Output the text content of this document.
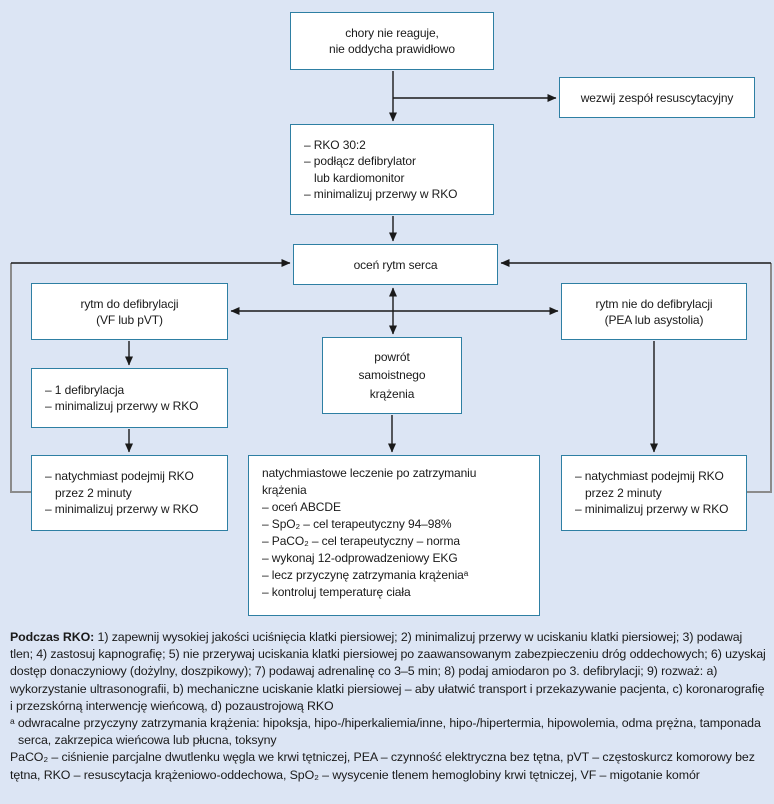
chory nie reaguje,
nie oddycha prawidłowo
wezwij zespół resuscytacyjny
– RKO 30:2
– podłącz defibrylator
lub kardiomonitor
– minimalizuj przerwy w RKO
oceń rytm serca
rytm do defibrylacji
(VF lub pVT)
rytm nie do defibrylacji
(PEA lub asystolia)
powrót
samoistnego
krążenia
– 1 defibrylacja
– minimalizuj przerwy w RKO
– natychmiast podejmij RKO
przez 2 minuty
– minimalizuj przerwy w RKO
natychmiastowe leczenie po zatrzymaniu
krążenia
– oceń ABCDE
– SpO₂ – cel terapeutyczny 94–98%
– PaCO₂ – cel terapeutyczny – norma
– wykonaj 12-odprowadzeniowy EKG
– lecz przyczynę zatrzymania krążeniaᵃ
– kontroluj temperaturę ciała
– natychmiast podejmij RKO
przez 2 minuty
– minimalizuj przerwy w RKO

Podczas RKO: 1) zapewnij wysokiej jakości uciśnięcia klatki piersiowej; 2) minimalizuj przerwy w uciskaniu klatki piersiowej; 3) podawaj tlen; 4) zastosuj kapnografię; 5) nie przerywaj uciskania klatki piersiowej po zaawansowanym zabezpieczeniu dróg oddechowych; 6) uzyskaj dostęp donaczyniowy (dożylny, doszpikowy); 7) podawaj adrenalinę co 3–5 min; 8) podaj amiodaron po 3. defibrylacji; 9) rozważ: a) wykorzystanie ultrasonografii, b) mechaniczne uciskanie klatki piersiowej – aby ułatwić transport i przekazywanie pacjenta, c) koronarografię i przezskórną interwencję wieńcową, d) pozaustrojową RKO

ᵃ odwracalne przyczyny zatrzymania krążenia: hipoksja, hipo-/hiperkaliemia/inne, hipo-/hipertermia, hipowolemia, odma prężna, tamponada serca, zakrzepica wieńcowa lub płucna, toksyny

PaCO₂ – ciśnienie parcjalne dwutlenku węgla we krwi tętniczej, PEA – czynność elektryczna bez tętna, pVT – częstoskurcz komorowy bez tętna, RKO – resuscytacja krążeniowo-oddechowa, SpO₂ – wysycenie tlenem hemoglobiny krwi tętniczej, VF – migotanie komór
